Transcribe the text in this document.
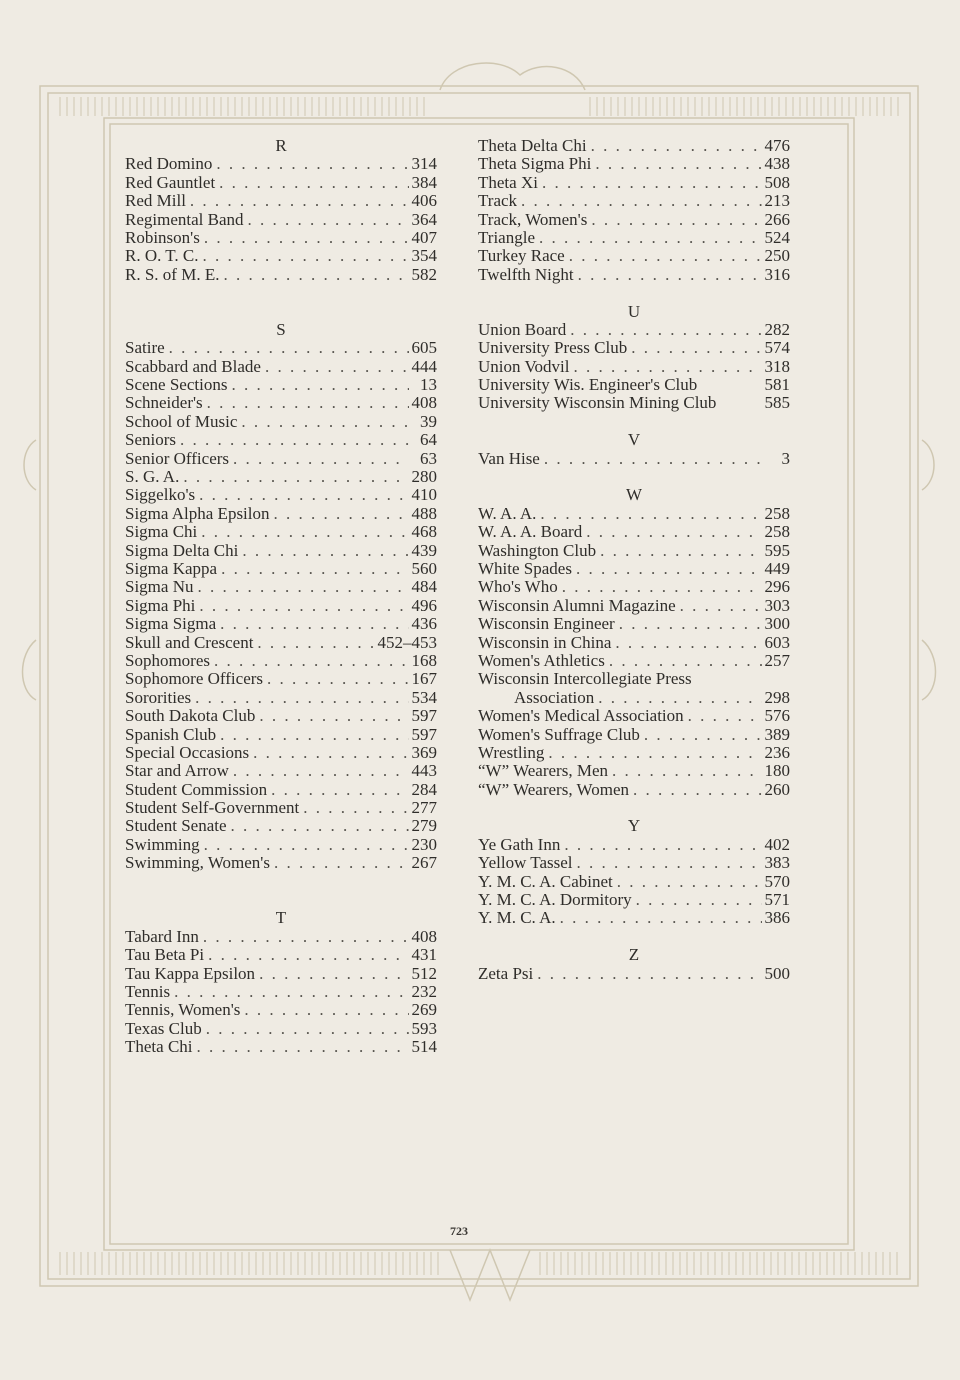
R
Red Domino . . .	314
Red Gauntlet . . .	384
Red Mill . . .	406
Regimental Band . . .	364
Robinson's . . .	407
R. O. T. C. . . .	354
R. S. of M. E. . . .	582
S
Satire . . .	605
Scabbard and Blade . . .	444
Scene Sections . . .	13
Schneider's . . .	408
School of Music . . .	39
Seniors . . .	64
Senior Officers . . .	63
S. G. A. . . .	280
Siggelko's . . .	410
Sigma Alpha Epsilon . . .	488
Sigma Chi . . .	468
Sigma Delta Chi . . .	439
Sigma Kappa . . .	560
Sigma Nu . . .	484
Sigma Phi . . .	496
Sigma Sigma . . .	436
Skull and Crescent . . .	452–453
Sophomores . . .	168
Sophomore Officers . . .	167
Sororities . . .	534
South Dakota Club . . .	597
Spanish Club . . .	597
Special Occasions . . .	369
Star and Arrow . . .	443
Student Commission . . .	284
Student Self-Government . . .	277
Student Senate . . .	279
Swimming . . .	230
Swimming, Women's . . .	267
T
Tabard Inn . . .	408
Tau Beta Pi . . .	431
Tau Kappa Epsilon . . .	512
Tennis . . .	232
Tennis, Women's . . .	269
Texas Club . . .	593
Theta Chi . . .	514
Theta Delta Chi . . .	476
Theta Sigma Phi . . .	438
Theta Xi . . .	508
Track . . .	213
Track, Women's . . .	266
Triangle . . .	524
Turkey Race . . .	250
Twelfth Night . . .	316
U
Union Board . . .	282
University Press Club . . .	574
Union Vodvil . . .	318
University Wis. Engineer's Club	581
University Wisconsin Mining Club	585
V
Van Hise . . .	3
W
W. A. A. . . .	258
W. A. A. Board . . .	258
Washington Club . . .	595
White Spades . . .	449
Who's Who . . .	296
Wisconsin Alumni Magazine . . .	303
Wisconsin Engineer . . .	300
Wisconsin in China . . .	603
Women's Athletics . . .	257
Wisconsin Intercollegiate Press
Association . . .	298
Women's Medical Association . . .	576
Women's Suffrage Club . . .	389
Wrestling . . .	236
“W” Wearers, Men . . .	180
“W” Wearers, Women . . .	260
Y
Ye Gath Inn . . .	402
Yellow Tassel . . .	383
Y. M. C. A. Cabinet . . .	570
Y. M. C. A. Dormitory . . .	571
Y. M. C. A. . . .	386
Z
Zeta Psi . . .	500
723
